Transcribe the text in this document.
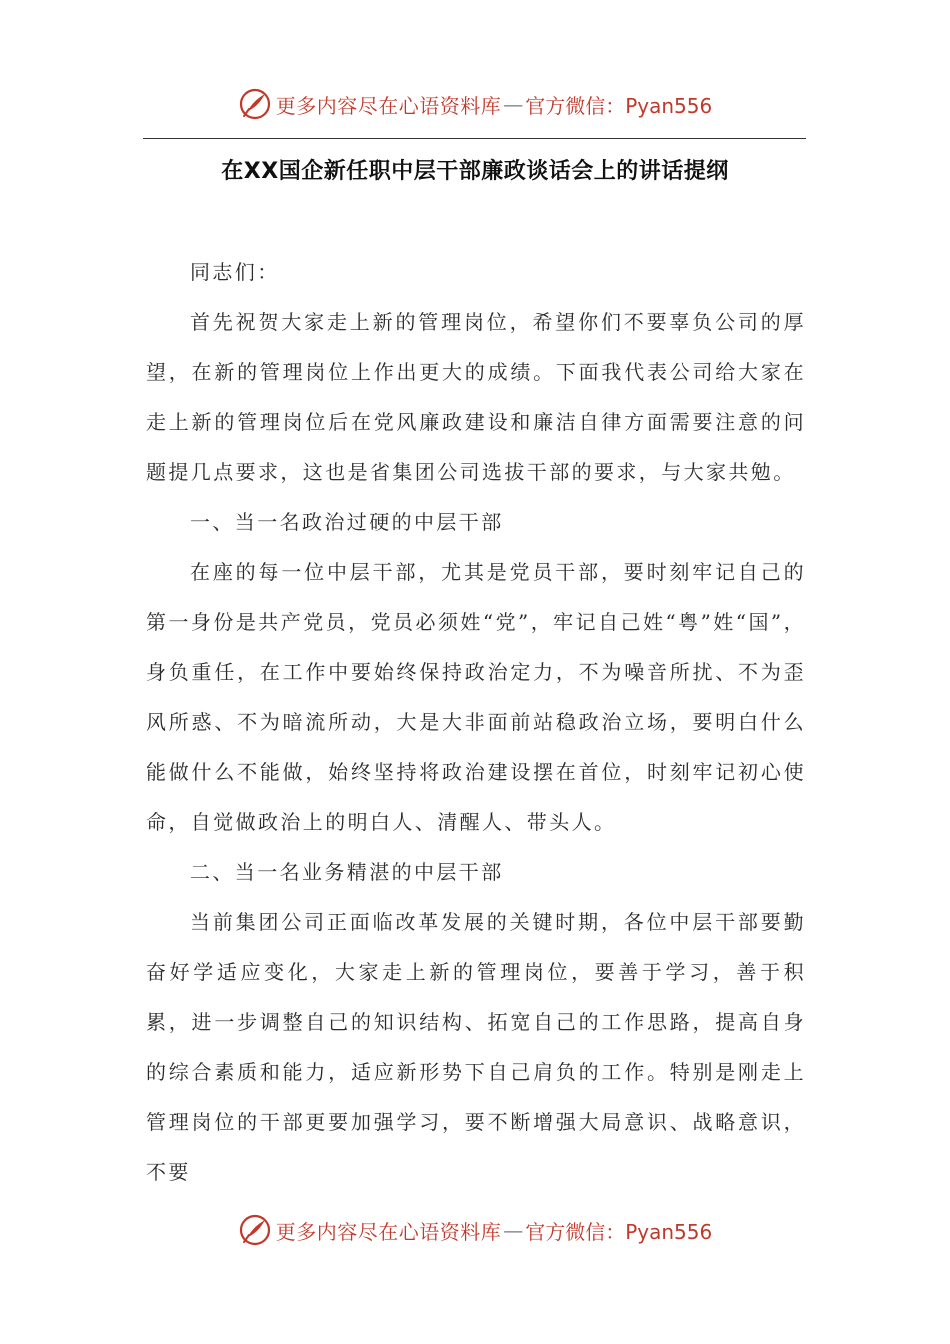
更多内容尽在心语资料库 — 官方微信：Pyan556
在XX国企新任职中层干部廉政谈话会上的讲话提纲

同志们：

首先祝贺大家走上新的管理岗位，希望你们不要辜负公司的厚望，在新的管理岗位上作出更大的成绩。下面我代表公司给大家在走上新的管理岗位后在党风廉政建设和廉洁自律方面需要注意的问题提几点要求，这也是省集团公司选拔干部的要求，与大家共勉。

一、当一名政治过硬的中层干部

在座的每一位中层干部，尤其是党员干部，要时刻牢记自己的第一身份是共产党员，党员必须姓“党”，牢记自己姓“粤”姓“国”，身负重任，在工作中要始终保持政治定力，不为噪音所扰、不为歪风所惑、不为暗流所动，大是大非面前站稳政治立场，要明白什么能做什么不能做，始终坚持将政治建设摆在首位，时刻牢记初心使命，自觉做政治上的明白人、清醒人、带头人。

二、当一名业务精湛的中层干部

当前集团公司正面临改革发展的关键时期，各位中层干部要勤奋好学适应变化，大家走上新的管理岗位，要善于学习，善于积累，进一步调整自己的知识结构、拓宽自己的工作思路，提高自身的综合素质和能力，适应新形势下自己肩负的工作。特别是刚走上管理岗位的干部更要加强学习，要不断增强大局意识、战略意识，不要

更多内容尽在心语资料库 — 官方微信：Pyan556
